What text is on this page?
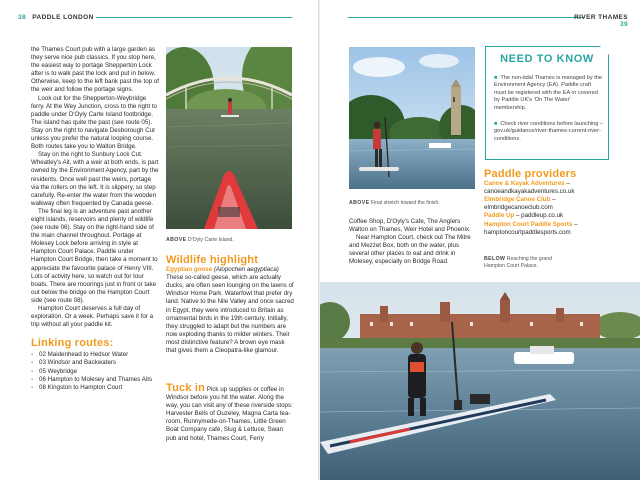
38 PADDLE LONDON

the Thames Court pub with a large garden as they serve nice pub classics. If you stop here, the easiest way to portage Shepperton Lock after is to walk past the lock and put in below. Otherwise, keep to the left bank past the top of the weir and follow the portage signs.

Look out for the Shepperton-Weybridge ferry. At the Wey Junction, cross to the right to paddle under D'Oyly Carte Island footbridge. The island has quite the past (see route 05). Stay on the right to navigate Desborough Cut unless you prefer the natural looping course. Both routes take you to Walton Bridge.

Stay on the right to Sunbury Lock Cut. Wheatley's Ait, with a weir at both ends, is part owned by the Environment Agency, part by the residents. Once well past the weirs, portage via the rollers on the left. It is slippery, so step carefully. Re-enter the water from the wooden walkway often frequented by Canada geese.

The final leg is an adventure past another eight islands, reservoirs and plenty of wildlife (see route 06). Stay on the right-hand side of the main channel throughout. Portage at Molesey Lock before arriving in style at Hampton Court Palace. Paddle under Hampton Court Bridge, then take a moment to appreciate the favourite palace of Henry VIII. Lots of activity here, so watch out for tour boats. There are moorings just in front or take out below the bridge on the Hampton Court side (see route 08).

Hampton Court deserves a full day of exploration. Or a week. Perhaps save it for a trip without all your paddle kit.

Linking routes:
▪ 02 Maidenhead to Hedsor Water
▪ 03 Windsor and Backwaters
▪ 05 Weybridge
▪ 06 Hampton to Molesey and Thames Aits
▪ 08 Kingston to Hampton Court
ABOVE D'Oyly Carte Island.
Wildlife highlight

Egyptian goose (Alopochen aegyptiaca) These so-called geese, which are actually ducks, are often seen lounging on the lawns of Windsor Home Park. Waterfowl that prefer dry land. Native to the Nile Valley and once sacred in Egypt, they were introduced to Britain as ornamental birds in the 19th century. Initially, they struggled to adapt but the numbers are now exploding thanks to milder winters. Their most distinctive feature? A brown eye mask that gives them a Cleopatra-like glamour.

Tuck in Pick up supplies or coffee in Windsor before you hit the water. Along the way, you can visit any of these riverside stops: Harvester Bells of Ouzeley, Magna Carta tea-room, Runnymede-on-Thames, Little Green Boat Company café, Slug & Lettuce, Swan pub and hotel, Thames Court, Ferry

RIVER THAMES 39
ABOVE Final stretch toward the finish.

Coffee Shop, D'Oyly's Cafe, The Anglers Walton on Thames, Weir Hotel and Phoenix.

Near Hampton Court, check out The Mitre and Mezzet Box, both on the water, plus several other places to eat and drink in Molesey, especially on Bridge Road.

NEED TO KNOW
■ The non-tidal Thames is managed by the Environment Agency (EA). Paddle craft must be registered with the EA or covered by Paddle UK's 'On The Water' membership.
■ Check river conditions before launching – gov.uk/guidance/river-thames-current-river-conditions.
Paddle providers
Canoe & Kayak Adventures – canoeandkayakadventures.co.uk
Elmbridge Canoe Club – elmbridgecanoeclub.com
Paddle Up – paddleup.co.uk
Hampton Court Paddle Sports – hamptoncourtpaddlesports.com
BELOW Reaching the grand Hampton Court Palace.
